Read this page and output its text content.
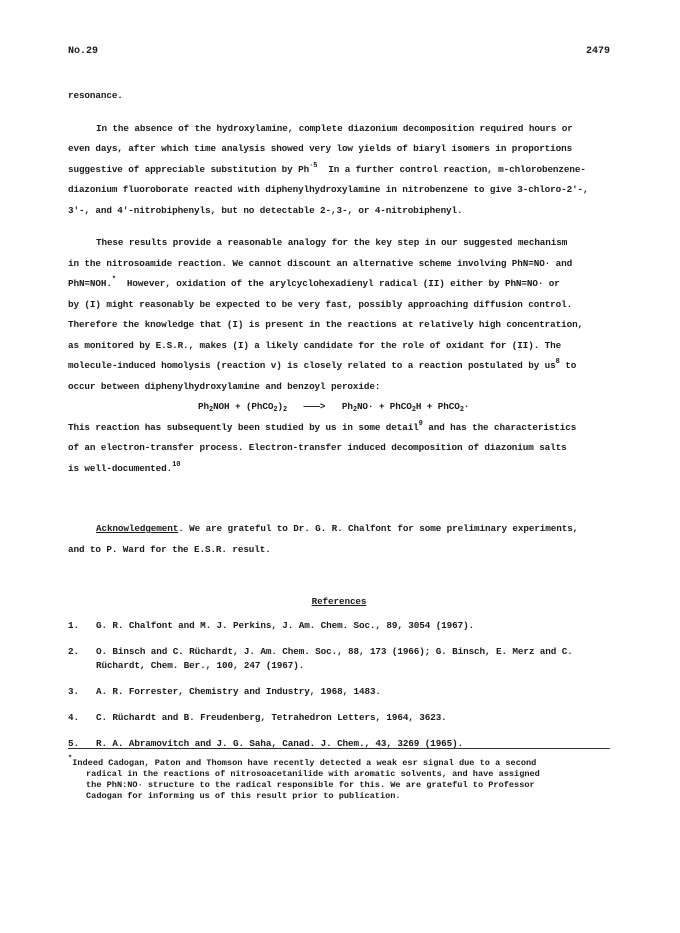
No.29	2479
resonance.
In the absence of the hydroxylamine, complete diazonium decomposition required hours or
even days, after which time analysis showed very low yields of biaryl isomers in proportions
suggestive of appreciable substitution by $Ph^{\cdot 5}$ In a further control reaction, m-chlorobenzene-
diazonium fluoroborate reacted with diphenylhydroxylamine in nitrobenzene to give 3-chloro-2'-,
3'-, and 4'-nitrobiphenyls, but no detectable 2-,3-, or 4-nitrobiphenyl.
These results provide a reasonable analogy for the key step in our suggested mechanism
in the nitrosoamide reaction. We cannot discount an alternative scheme involving PhN=NO· and
PhN=NOH.* However, oxidation of the arylcyclohexadienyl radical (II) either by PhN=NO· or
by (I) might reasonably be expected to be very fast, possibly approaching diffusion control.
Therefore the knowledge that (I) is present in the reactions at relatively high concentration,
as monitored by E.S.R., makes (I) a likely candidate for the role of oxidant for (II). The
molecule-induced homolysis (reaction v) is closely related to a reaction postulated by $us^8$ to
occur between diphenylhydroxylamine and benzoyl peroxide:
$Ph_2NOH$ + $(PhCO_2)_2$ ———> $Ph_2NO\cdot$ + PhCO$_2$H + PhCO$_2$·
This reaction has subsequently been studied by us in some detail$^9$ and has the characteristics
of an electron-transfer process. Electron-transfer induced decomposition of diazonium salts
is well-documented.$^{10}$
Acknowledgement. We are grateful to Dr. G. R. Chalfont for some preliminary experiments,
and to P. Ward for the E.S.R. result.
References
1.	G. R. Chalfont and M. J. Perkins, J. Am. Chem. Soc., 89, 3054 (1967).
2.	O. Binsch and C. Rüchardt, J. Am. Chem. Soc., 88, 173 (1966); G. Binsch, E. Merz and C. Rüchardt, Chem. Ber., 100, 247 (1967).
3.	A. R. Forrester, Chemistry and Industry, 1968, 1483.
4.	C. Rüchardt and B. Freudenberg, Tetrahedron Letters, 1964, 3623.
5.	R. A. Abramovitch and J. G. Saha, Canad. J. Chem., 43, 3269 (1965).
*Indeed Cadogan, Paton and Thomson have recently detected a weak esr signal due to a second
radical in the reactions of nitrosoacetanilide with aromatic solvents, and have assigned
the PhN:NO· structure to the radical responsible for this. We are grateful to Professor
Cadogan for informing us of this result prior to publication.
